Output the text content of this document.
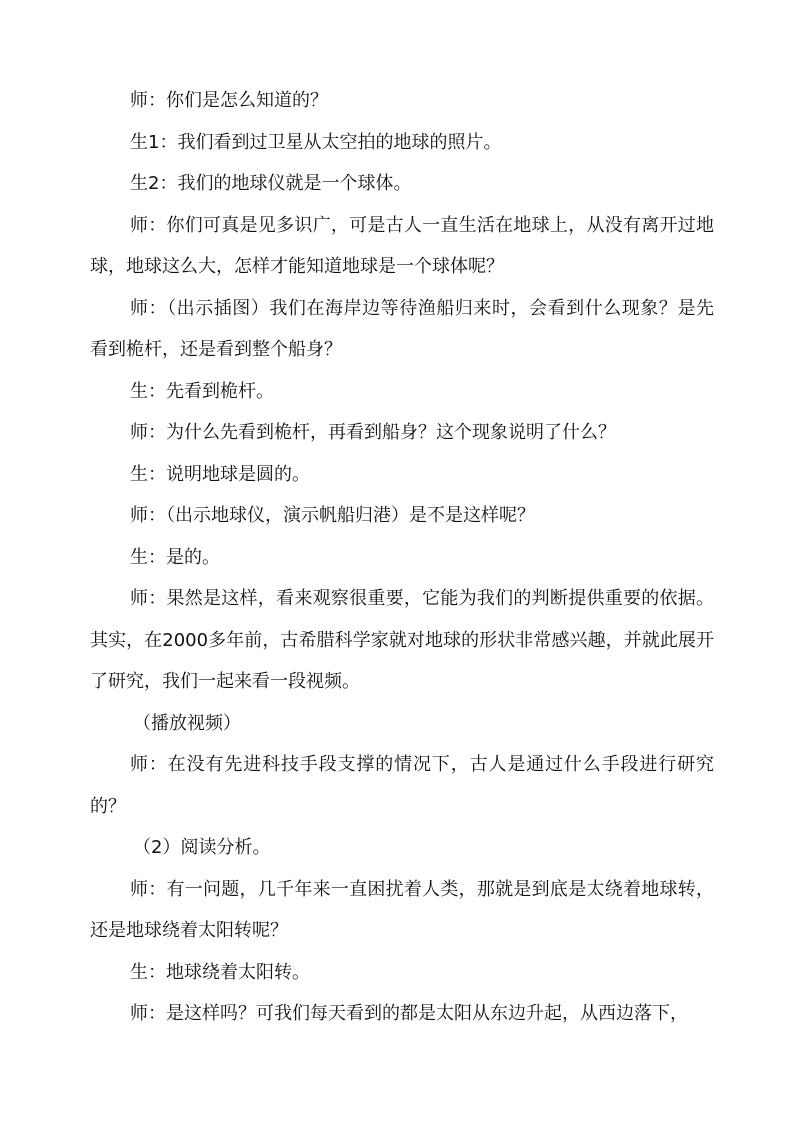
师：你们是怎么知道的？

生1：我们看到过卫星从太空拍的地球的照片。

生2：我们的地球仪就是一个球体。

师：你们可真是见多识广，可是古人一直生活在地球上，从没有离开过地球，地球这么大，怎样才能知道地球是一个球体呢？

师：（出示插图）我们在海岸边等待渔船归来时，会看到什么现象？是先看到桅杆，还是看到整个船身？

生：先看到桅杆。

师：为什么先看到桅杆，再看到船身？这个现象说明了什么？

生：说明地球是圆的。

师：（出示地球仪，演示帆船归港）是不是这样呢？

生：是的。

师：果然是这样，看来观察很重要，它能为我们的判断提供重要的依据。其实，在2000多年前，古希腊科学家就对地球的形状非常感兴趣，并就此展开了研究，我们一起来看一段视频。

（播放视频）

师：在没有先进科技手段支撑的情况下，古人是通过什么手段进行研究的？

（2）阅读分析。

师：有一问题，几千年来一直困扰着人类，那就是到底是太绕着地球转，还是地球绕着太阳转呢？

生：地球绕着太阳转。

师：是这样吗？可我们每天看到的都是太阳从东边升起，从西边落下，
